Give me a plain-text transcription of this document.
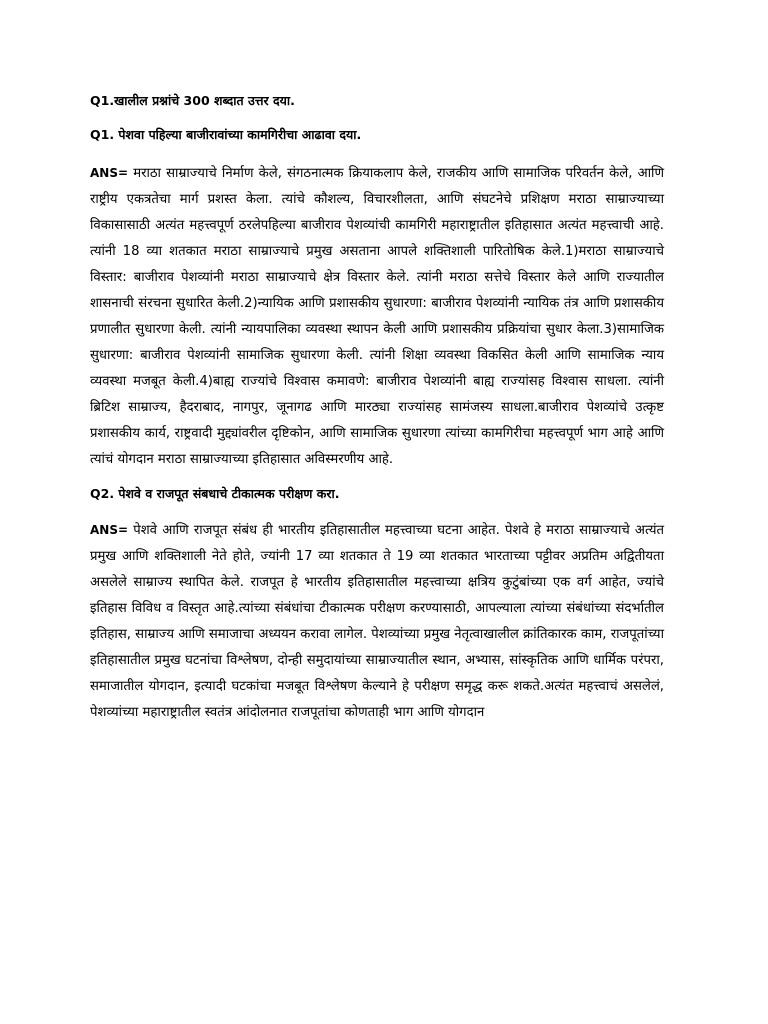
Q1.खालील प्रश्नांचे 300 शब्दात उत्तर दया.

Q1. पेशवा पहिल्या बाजीरावांच्या कामगिरीचा आढावा दया.

ANS= मराठा साम्राज्याचे निर्माण केले, संगठनात्मक क्रियाकलाप केले, राजकीय आणि सामाजिक परिवर्तन केले, आणि राष्ट्रीय एकत्रतेचा मार्ग प्रशस्त केला. त्यांचे कौशल्य, विचारशीलता, आणि संघटनेचे प्रशिक्षण मराठा साम्राज्याच्या विकासासाठी अत्यंत महत्त्वपूर्ण ठरलेपहिल्या बाजीराव पेशव्यांची कामगिरी महाराष्ट्रातील इतिहासात अत्यंत महत्त्वाची आहे. त्यांनी 18 व्या शतकात मराठा साम्राज्याचे प्रमुख असताना आपले शक्तिशाली पारितोषिक केले.1)मराठा साम्राज्याचे विस्तार: बाजीराव पेशव्यांनी मराठा साम्राज्याचे क्षेत्र विस्तार केले. त्यांनी मराठा सत्तेचे विस्तार केले आणि राज्यातील शासनाची संरचना सुधारित केली.2)न्यायिक आणि प्रशासकीय सुधारणा: बाजीराव पेशव्यांनी न्यायिक तंत्र आणि प्रशासकीय प्रणालीत सुधारणा केली. त्यांनी न्यायपालिका व्यवस्था स्थापन केली आणि प्रशासकीय प्रक्रियांचा सुधार केला.3)सामाजिक सुधारणा: बाजीराव पेशव्यांनी सामाजिक सुधारणा केली. त्यांनी शिक्षा व्यवस्था विकसित केली आणि सामाजिक न्याय व्यवस्था मजबूत केली.4)बाह्य राज्यांचे विश्वास कमावणे: बाजीराव पेशव्यांनी बाह्य राज्यांसह विश्वास साधला. त्यांनी ब्रिटिश साम्राज्य, हैदराबाद, नागपुर, जूनागढ आणि मारठ्या राज्यांसह सामंजस्य साधला.बाजीराव पेशव्यांचे उत्कृष्ट प्रशासकीय कार्य, राष्ट्रवादी मुद्द्यांवरील दृष्टिकोन, आणि सामाजिक सुधारणा त्यांच्या कामगिरीचा महत्त्वपूर्ण भाग आहे आणि त्यांचं योगदान मराठा साम्राज्याच्या इतिहासात अविस्मरणीय आहे.

Q2. पेशवे व राजपूत संबधाचे टीकात्मक परीक्षण करा.

ANS= पेशवे आणि राजपूत संबंध ही भारतीय इतिहासातील महत्त्वाच्या घटना आहेत. पेशवे हे मराठा साम्राज्याचे अत्यंत प्रमुख आणि शक्तिशाली नेते होते, ज्यांनी 17 व्या शतकात ते 19 व्या शतकात भारताच्या पट्टीवर अप्रतिम अद्वितीयता असलेले साम्राज्य स्थापित केले. राजपूत हे भारतीय इतिहासातील महत्त्वाच्या क्षत्रिय कुटुंबांच्या एक वर्ग आहेत, ज्यांचे इतिहास विविध व विस्तृत आहे.त्यांच्या संबंधांचा टीकात्मक परीक्षण करण्यासाठी, आपल्याला त्यांच्या संबंधांच्या संदर्भातील इतिहास, साम्राज्य आणि समाजाचा अध्ययन करावा लागेल. पेशव्यांच्या प्रमुख नेतृत्वाखालील क्रांतिकारक काम, राजपूतांच्या इतिहासातील प्रमुख घटनांचा विश्लेषण, दोन्ही समुदायांच्या साम्राज्यातील स्थान, अभ्यास, सांस्कृतिक आणि धार्मिक परंपरा, समाजातील योगदान, इत्यादी घटकांचा मजबूत विश्लेषण केल्याने हे परीक्षण समृद्ध करू शकते.अत्यंत महत्त्वाचं असलेलं, पेशव्यांच्या महाराष्ट्रातील स्वतंत्र आंदोलनात राजपूतांचा कोणताही भाग आणि योगदान
